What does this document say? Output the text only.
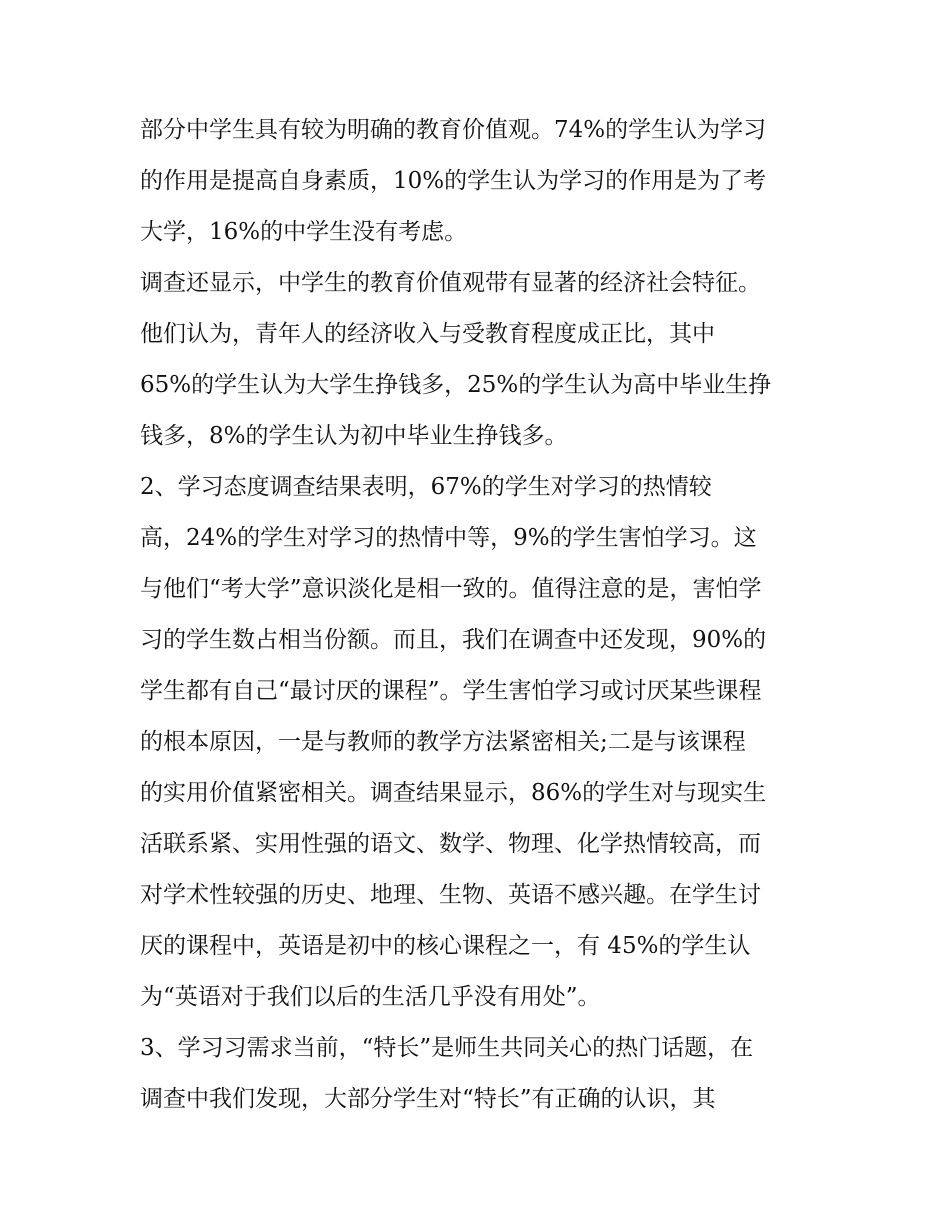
部分中学生具有较为明确的教育价值观。74%的学生认为学习
的作用是提高自身素质，10%的学生认为学习的作用是为了考
大学，16%的中学生没有考虑。
调查还显示，中学生的教育价值观带有显著的经济社会特征。
他们认为，青年人的经济收入与受教育程度成正比，其中
65%的学生认为大学生挣钱多，25%的学生认为高中毕业生挣
钱多，8%的学生认为初中毕业生挣钱多。
2、学习态度调查结果表明，67%的学生对学习的热情较
高，24%的学生对学习的热情中等，9%的学生害怕学习。这
与他们“考大学”意识淡化是相一致的。值得注意的是，害怕学
习的学生数占相当份额。而且，我们在调查中还发现，90%的
学生都有自己“最讨厌的课程”。学生害怕学习或讨厌某些课程
的根本原因，一是与教师的教学方法紧密相关;二是与该课程
的实用价值紧密相关。调查结果显示，86%的学生对与现实生
活联系紧、实用性强的语文、数学、物理、化学热情较高，而
对学术性较强的历史、地理、生物、英语不感兴趣。在学生讨
厌的课程中，英语是初中的核心课程之一，有 45%的学生认
为“英语对于我们以后的生活几乎没有用处”。
3、学习习需求当前，“特长”是师生共同关心的热门话题，在
调查中我们发现，大部分学生对“特长”有正确的认识，其
